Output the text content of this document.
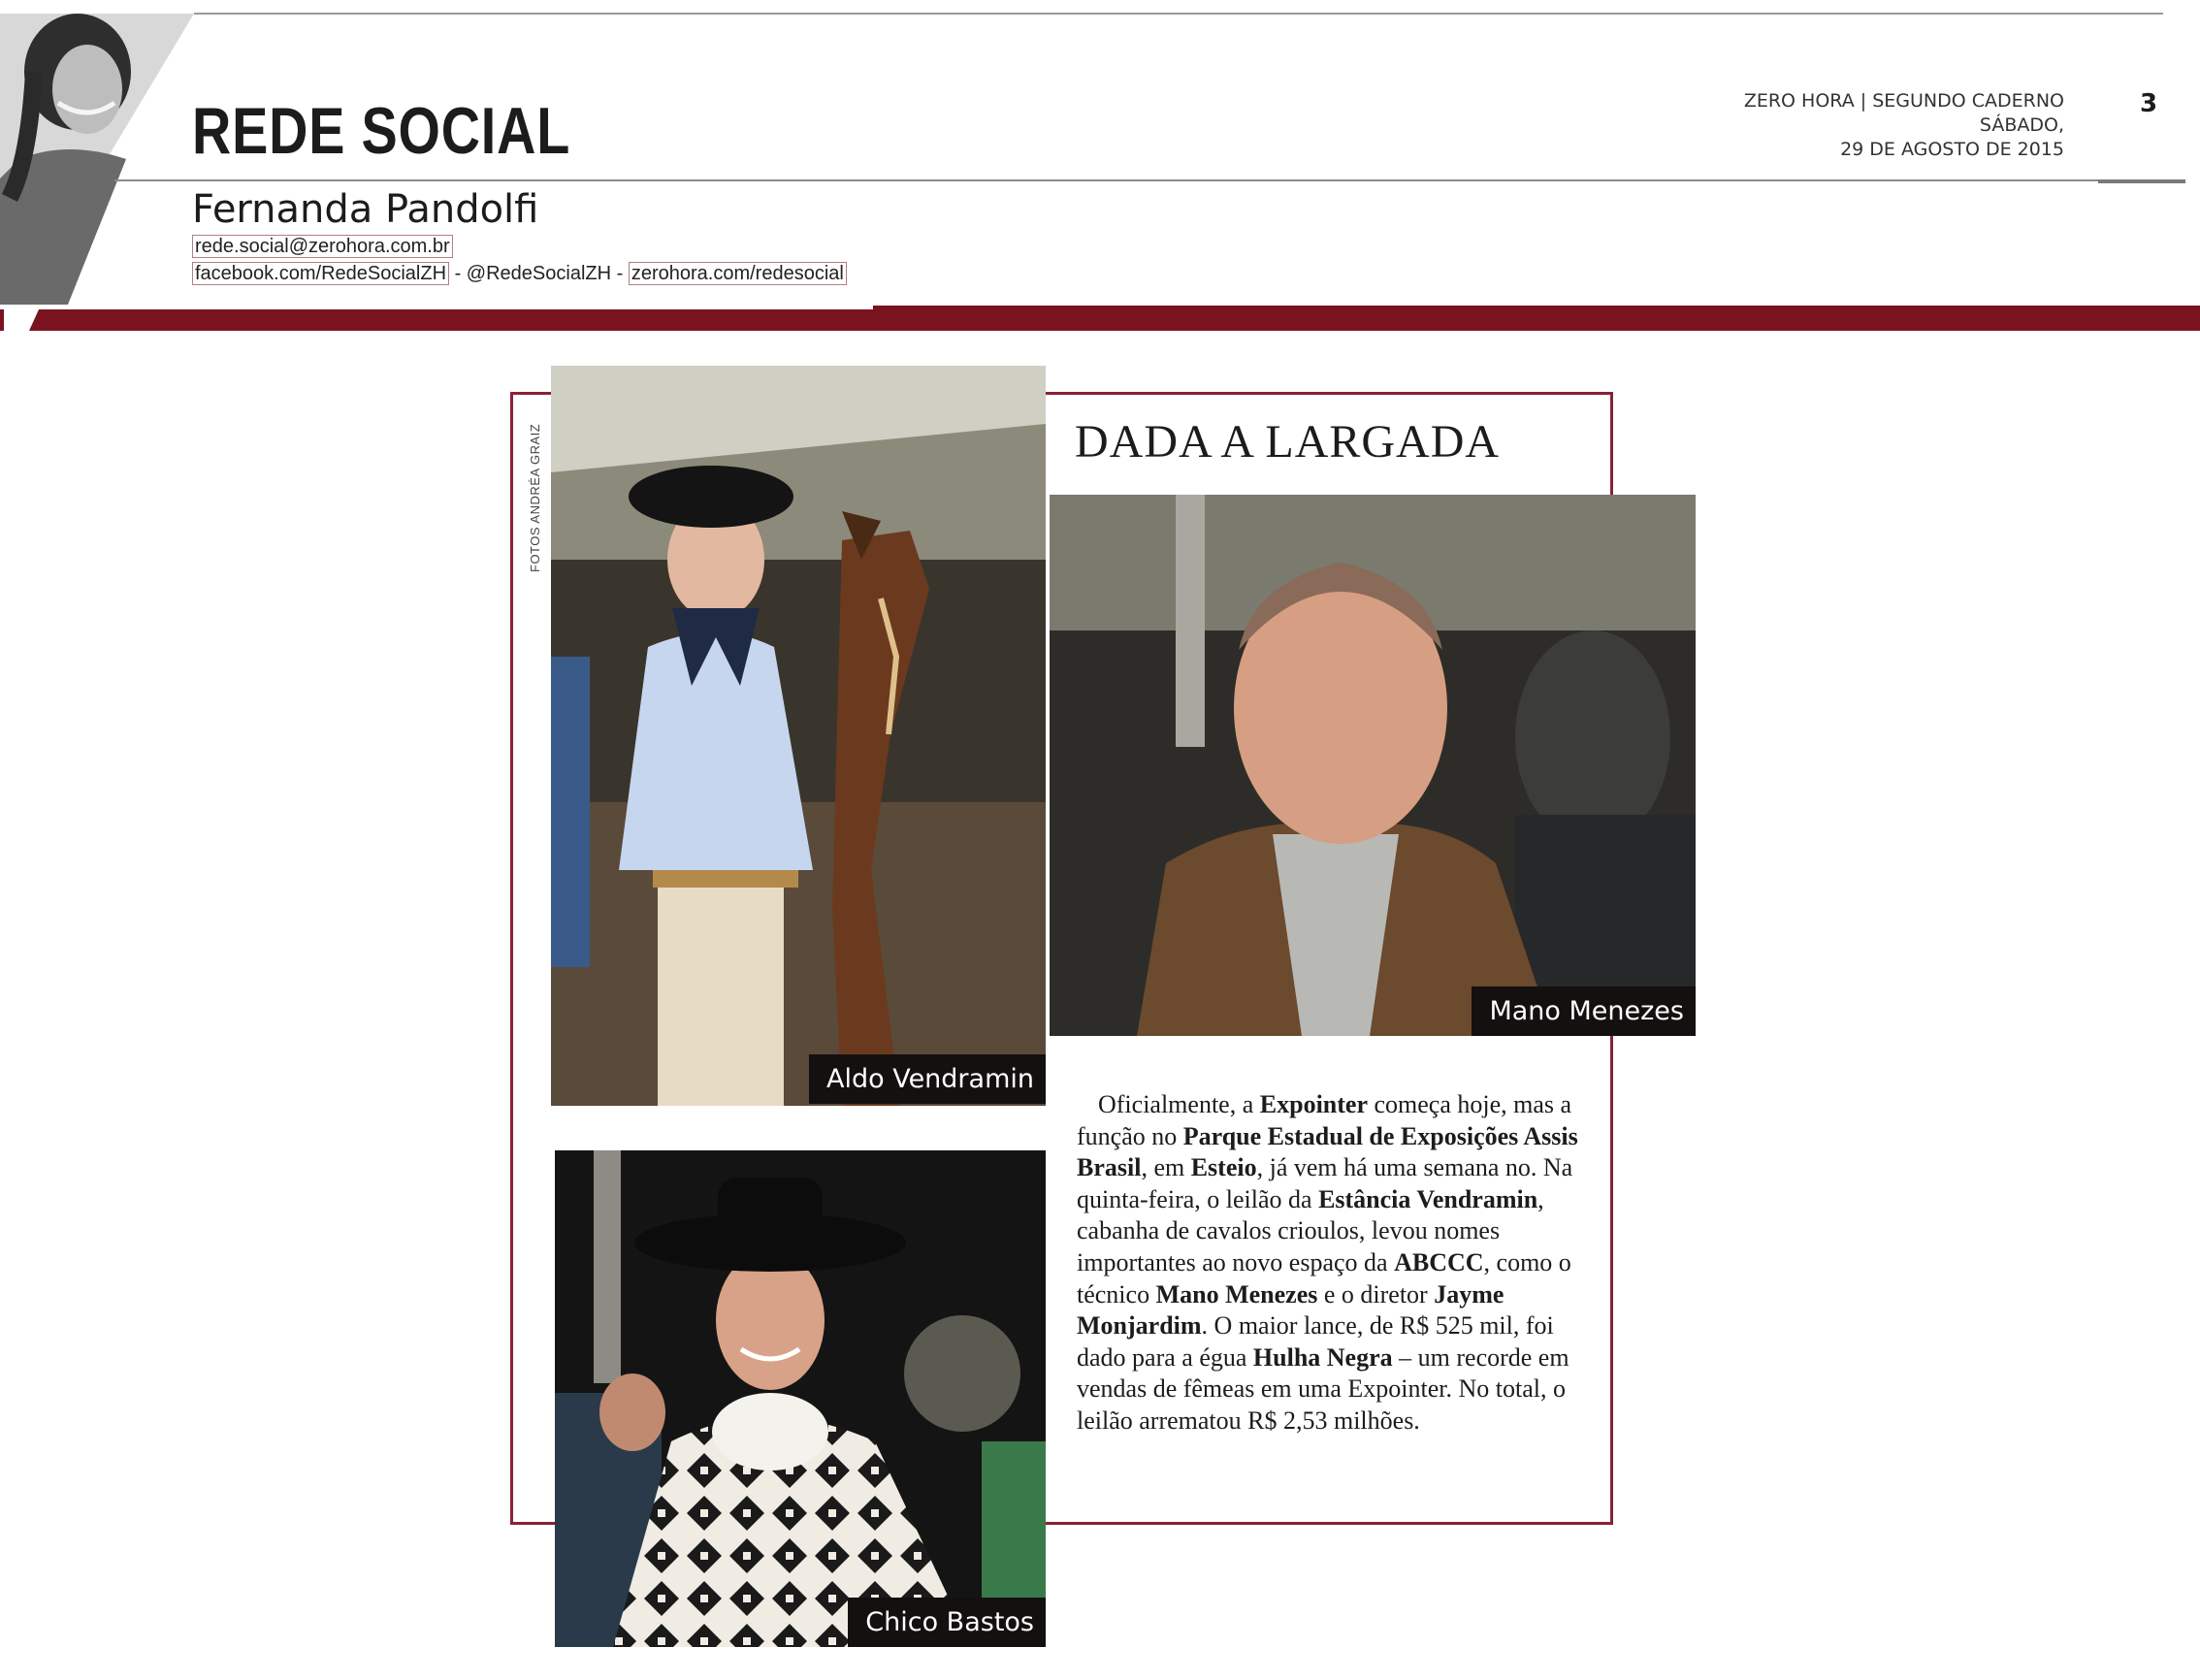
REDE SOCIAL
Fernanda Pandolfi
rede.social@zerohora.com.br
facebook.com/RedeSocialZH - @RedeSocialZH - zerohora.com/redesocial
ZERO HORA | SEGUNDO CADERNO
SÁBADO,
29 DE AGOSTO DE 2015
3
FOTOS ANDRÉA GRAIZ	DADA A LARGADA
Aldo Vendramin
Mano Menezes
Chico Bastos
Oficialmente, a Expointer começa hoje, mas a função no Parque Estadual de Exposições Assis Brasil, em Esteio, já vem há uma semana no. Na quinta-feira, o leilão da Estância Vendramin, cabanha de cavalos crioulos, levou nomes importantes ao novo espaço da ABCCC, como o técnico Mano Menezes e o diretor Jayme Monjardim. O maior lance, de R$ 525 mil, foi dado para a égua Hulha Negra – um recorde em vendas de fêmeas em uma Expointer. No total, o leilão arrematou R$ 2,53 milhões.
